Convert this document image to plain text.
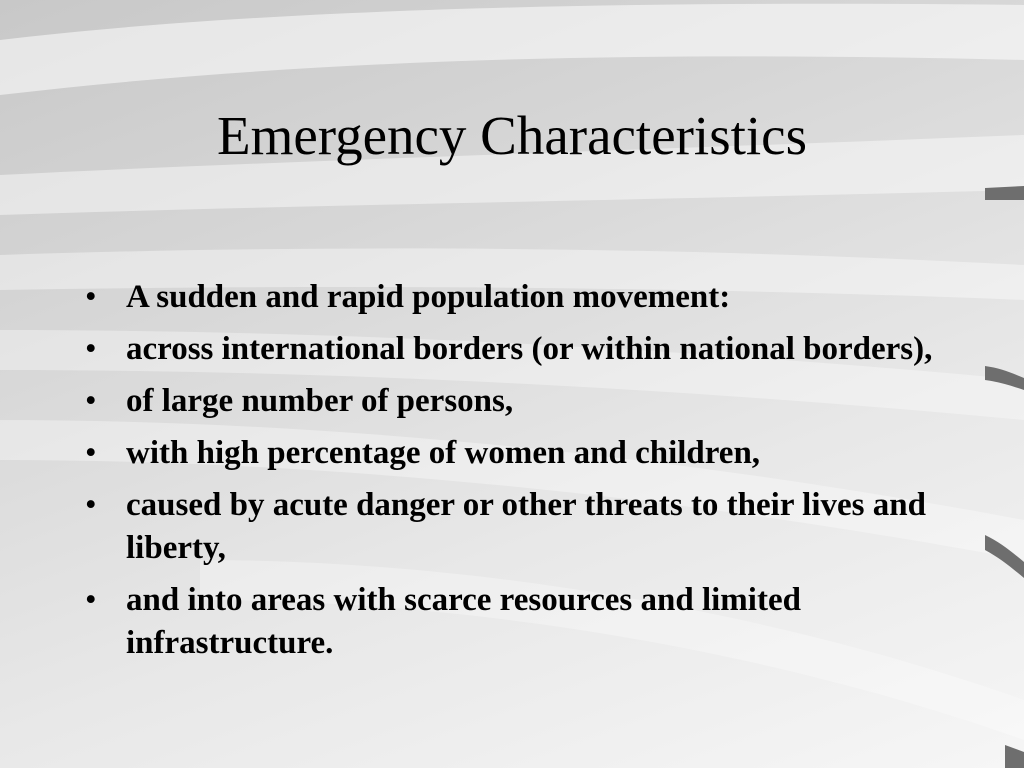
Emergency Characteristics
• A sudden and rapid population movement:
• across international borders (or within national borders),
• of large number of persons,
• with high percentage of women and children,
• caused by acute danger or other threats to their lives and liberty,
• and into areas with scarce resources and limited infrastructure.
